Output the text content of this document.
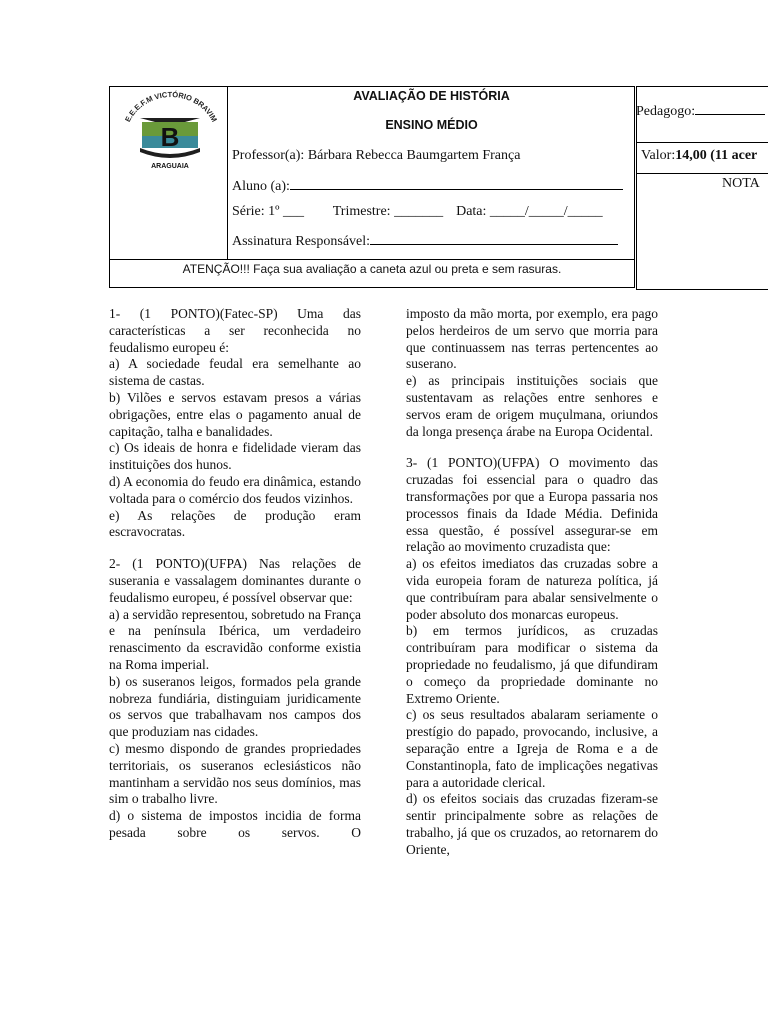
E.E.E.F.M VICTÓRIO BRAVIM
B
ARAGUAIA
AVALIAÇÃO DE HISTÓRIA
ENSINO MÉDIO
Professor(a): Bárbara Rebecca Baumgartem França
Aluno (a):
Série: 1º ___ Trimestre: _______ Data: _____/_____/_____
Assinatura Responsável:
ATENÇÃO!!! Faça sua avaliação a caneta azul ou preta e sem rasuras.
Pedagogo:
Valor:14,00 (11 acer
NOTA

1- (1 PONTO)(Fatec-SP) Uma das características a ser reconhecida no feudalismo europeu é:

a) A sociedade feudal era semelhante ao sistema de castas.

b) Vilões e servos estavam presos a várias obrigações, entre elas o pagamento anual de capitação, talha e banalidades.

c) Os ideais de honra e fidelidade vieram das instituições dos hunos.

d) A economia do feudo era dinâmica, estando voltada para o comércio dos feudos vizinhos.

e) As relações de produção eram escravocratas.

2- (1 PONTO)(UFPA) Nas relações de suserania e vassalagem dominantes durante o feudalismo europeu, é possível observar que:

a) a servidão representou, sobretudo na França e na península Ibérica, um verdadeiro renascimento da escravidão conforme existia na Roma imperial.

b) os suseranos leigos, formados pela grande nobreza fundiária, distinguiam juridicamente os servos que trabalhavam nos campos dos que produziam nas cidades.

c) mesmo dispondo de grandes propriedades territoriais, os suseranos eclesiásticos não mantinham a servidão nos seus domínios, mas sim o trabalho livre.

d) o sistema de impostos incidia de forma pesada sobre os servos. O

imposto da mão morta, por exemplo, era pago pelos herdeiros de um servo que morria para que continuassem nas terras pertencentes ao suserano.

e) as principais instituições sociais que sustentavam as relações entre senhores e servos eram de origem muçulmana, oriundos da longa presença árabe na Europa Ocidental.

3- (1 PONTO)(UFPA) O movimento das cruzadas foi essencial para o quadro das transformações por que a Europa passaria nos processos finais da Idade Média. Definida essa questão, é possível assegurar-se em relação ao movimento cruzadista que:

a) os efeitos imediatos das cruzadas sobre a vida europeia foram de natureza política, já que contribuíram para abalar sensivelmente o poder absoluto dos monarcas europeus.

b) em termos jurídicos, as cruzadas contribuíram para modificar o sistema da propriedade no feudalismo, já que difundiram o começo da propriedade dominante no Extremo Oriente.

c) os seus resultados abalaram seriamente o prestígio do papado, provocando, inclusive, a separação entre a Igreja de Roma e a de Constantinopla, fato de implicações negativas para a autoridade clerical.

d) os efeitos sociais das cruzadas fizeram-se sentir principalmente sobre as relações de trabalho, já que os cruzados, ao retornarem do Oriente,
